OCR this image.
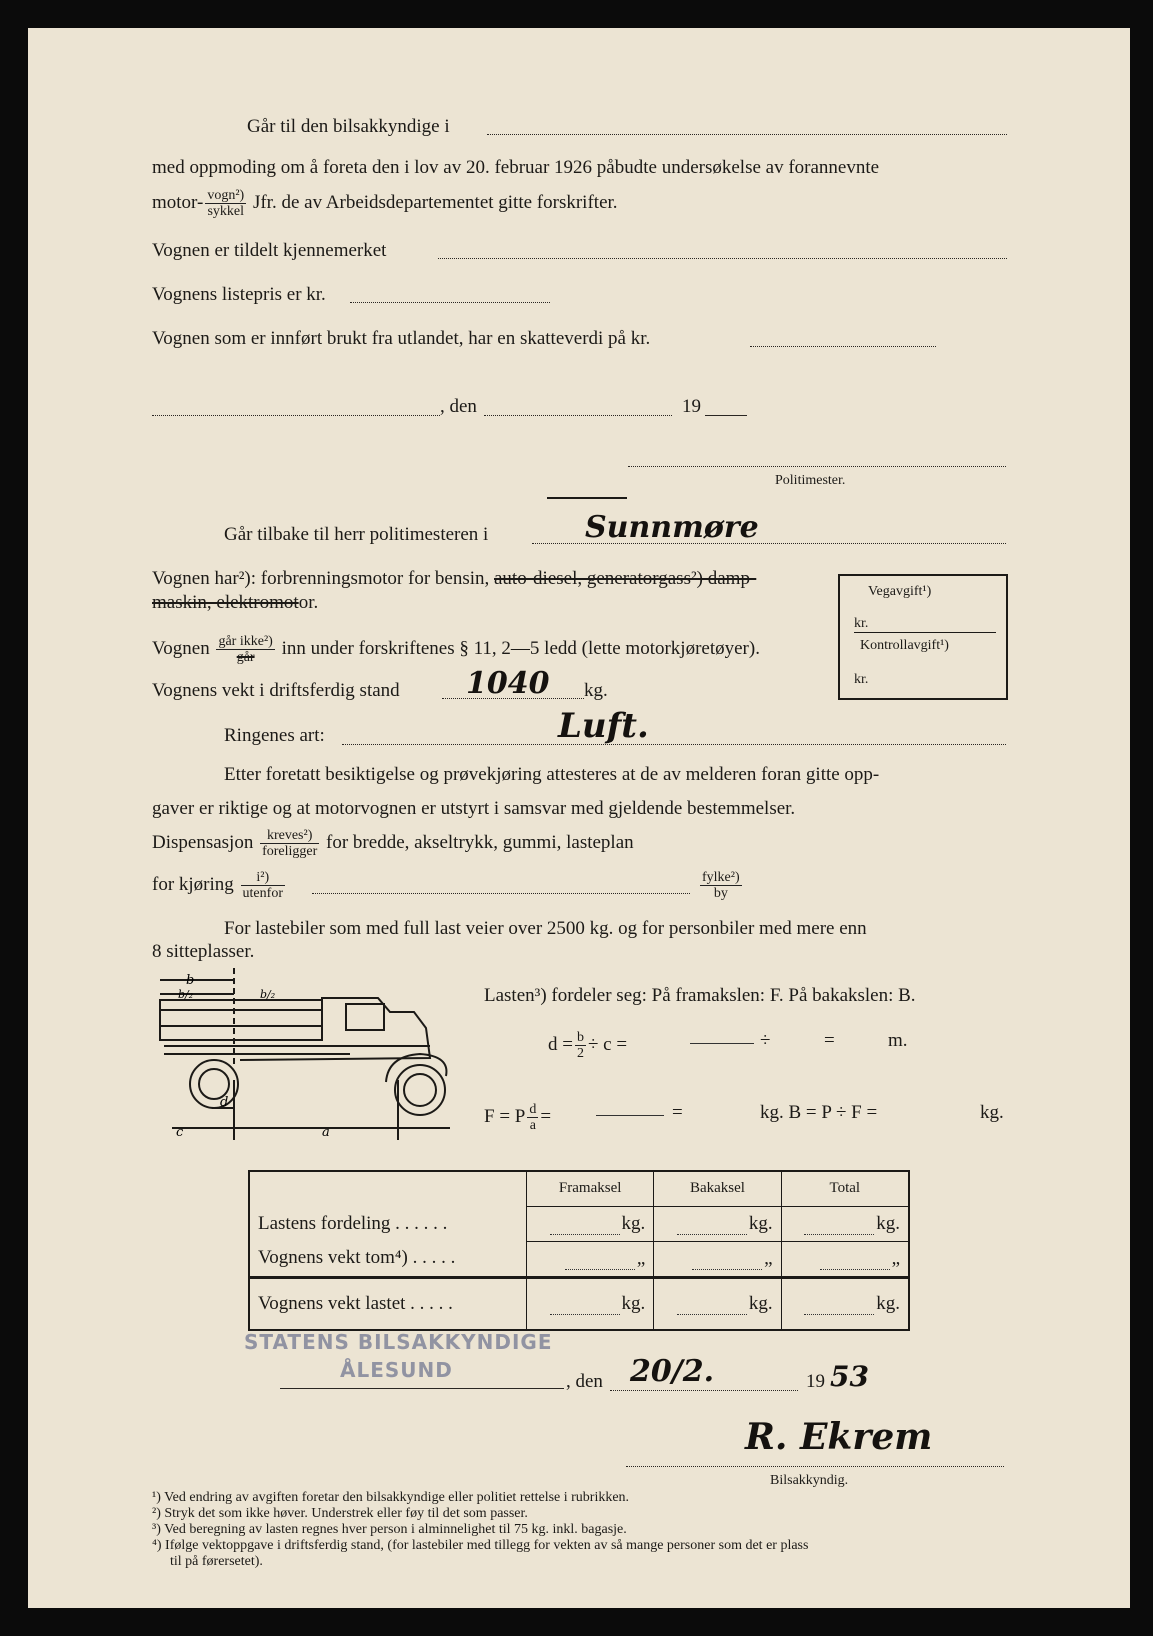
Går til den bilsakkyndige i
med oppmoding om å foreta den i lov av 20. februar 1926 påbudte undersøkelse av forannevnte
motor- $\frac{\text{vogn²)}}{\text{sykkel}}$ Jfr. de av Arbeidsdepartementet gitte forskrifter.
Vognen er tildelt kjennemerket
Vognens listepris er kr.
Vognen som er innført brukt fra utlandet, har en skatteverdi på kr.
, den	19
Politimester.
Går tilbake til herr politimesteren i	Sunnmøre
Vognen har²): forbrenningsmotor for bensin, auto-diesel, generatorgass²) damp-
maskin, elektromotor.
Vognen $\frac{\text{går ikke²)}}{\text{går}}$ inn under forskriftenes § 11, 2—5 ledd (lette motorkjøretøyer).
Vognens vekt i driftsferdig stand 1040 kg.
Ringenes art:	Luft.
Etter foretatt besiktigelse og prøvekjøring attesteres at de av melderen foran gitte opp-
gaver er riktige og at motorvognen er utstyrt i samsvar med gjeldende bestemmelser.
Dispensasjon $\frac{\text{kreves²)}}{\text{foreligger}}$ for bredde, akseltrykk, gummi, lasteplan
for kjøring $\frac{\text{i²)}}{\text{utenfor}}$	$\frac{\text{fylke²)}}{by}$
Vegavgift¹)
kr.
Kontrollavgift¹)
kr.
For lastebiler som med full last veier over 2500 kg. og for personbiler med mere enn
8 sitteplasser.
Lasten³) fordeler seg: På framakslen: F. På bakakslen: B.
$d = \frac{b}{2} \div c$ =	÷	=	m.
F = P $\frac{d}{a}$ =	=	kg. B = P ÷ F =	kg.
b
b/₂	b/₂
d
c	a
	Framaksel	Bakaksel	Total
Lastens fordeling . . . . . .	kg.	kg.	kg.
Vognens vekt tom⁴) . . . . .	„	„	„
Vognens vekt lastet . . . . .	kg.	kg.	kg.
STATENS BILSAKKYNDIGE
ÅLESUND	, den 20/2.	19 53
R. Ekrem
Bilsakkyndig.
¹) Ved endring av avgiften foretar den bilsakkyndige eller politiet rettelse i rubrikken.
²) Stryk det som ikke høver. Understrek eller føy til det som passer.
³) Ved beregning av lasten regnes hver person i alminnelighet til 75 kg. inkl. bagasje.
⁴) Ifølge vektoppgave i driftsferdig stand, (for lastebiler med tillegg for vekten av så mange personer som det er plass
til på førersetet).
